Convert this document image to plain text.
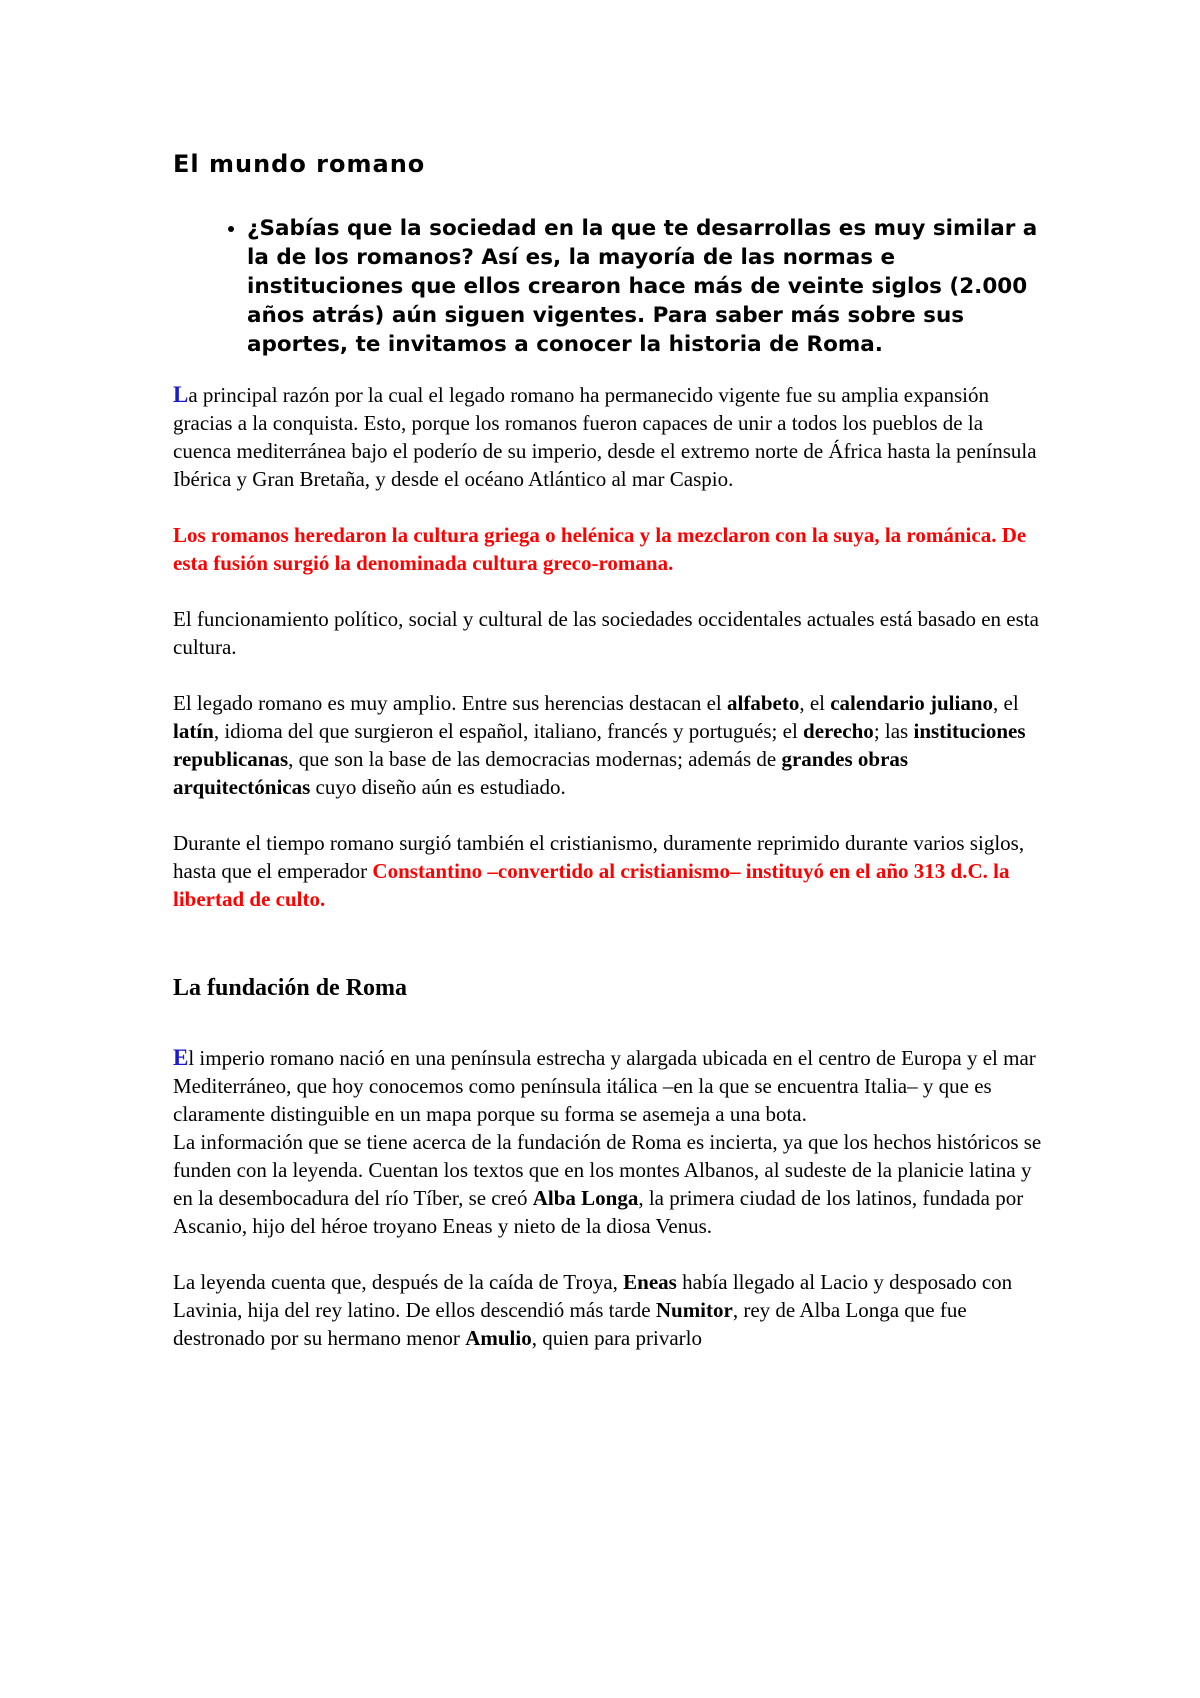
El mundo romano
• ¿Sabías que la sociedad en la que te desarrollas es muy similar a la de los romanos? Así es, la mayoría de las normas e instituciones que ellos crearon hace más de veinte siglos (2.000 años atrás) aún siguen vigentes. Para saber más sobre sus aportes, te invitamos a conocer la historia de Roma.

La principal razón por la cual el legado romano ha permanecido vigente fue su amplia expansión gracias a la conquista. Esto, porque los romanos fueron capaces de unir a todos los pueblos de la cuenca mediterránea bajo el poderío de su imperio, desde el extremo norte de África hasta la península Ibérica y Gran Bretaña, y desde el océano Atlántico al mar Caspio.

Los romanos heredaron la cultura griega o helénica y la mezclaron con la suya, la románica. De esta fusión surgió la denominada cultura greco-romana.

El funcionamiento político, social y cultural de las sociedades occidentales actuales está basado en esta cultura.

El legado romano es muy amplio. Entre sus herencias destacan el alfabeto, el calendario juliano, el latín, idioma del que surgieron el español, italiano, francés y portugués; el derecho; las instituciones republicanas, que son la base de las democracias modernas; además de grandes obras arquitectónicas cuyo diseño aún es estudiado.

Durante el tiempo romano surgió también el cristianismo, duramente reprimido durante varios siglos, hasta que el emperador Constantino –convertido al cristianismo– instituyó en el año 313 d.C. la libertad de culto.

La fundación de Roma

El imperio romano nació en una península estrecha y alargada ubicada en el centro de Europa y el mar Mediterráneo, que hoy conocemos como península itálica –en la que se encuentra Italia– y que es claramente distinguible en un mapa porque su forma se asemeja a una bota.

La información que se tiene acerca de la fundación de Roma es incierta, ya que los hechos históricos se funden con la leyenda. Cuentan los textos que en los montes Albanos, al sudeste de la planicie latina y en la desembocadura del río Tíber, se creó Alba Longa, la primera ciudad de los latinos, fundada por Ascanio, hijo del héroe troyano Eneas y nieto de la diosa Venus.

La leyenda cuenta que, después de la caída de Troya, Eneas había llegado al Lacio y desposado con Lavinia, hija del rey latino. De ellos descendió más tarde Numitor, rey de Alba Longa que fue destronado por su hermano menor Amulio, quien para privarlo
